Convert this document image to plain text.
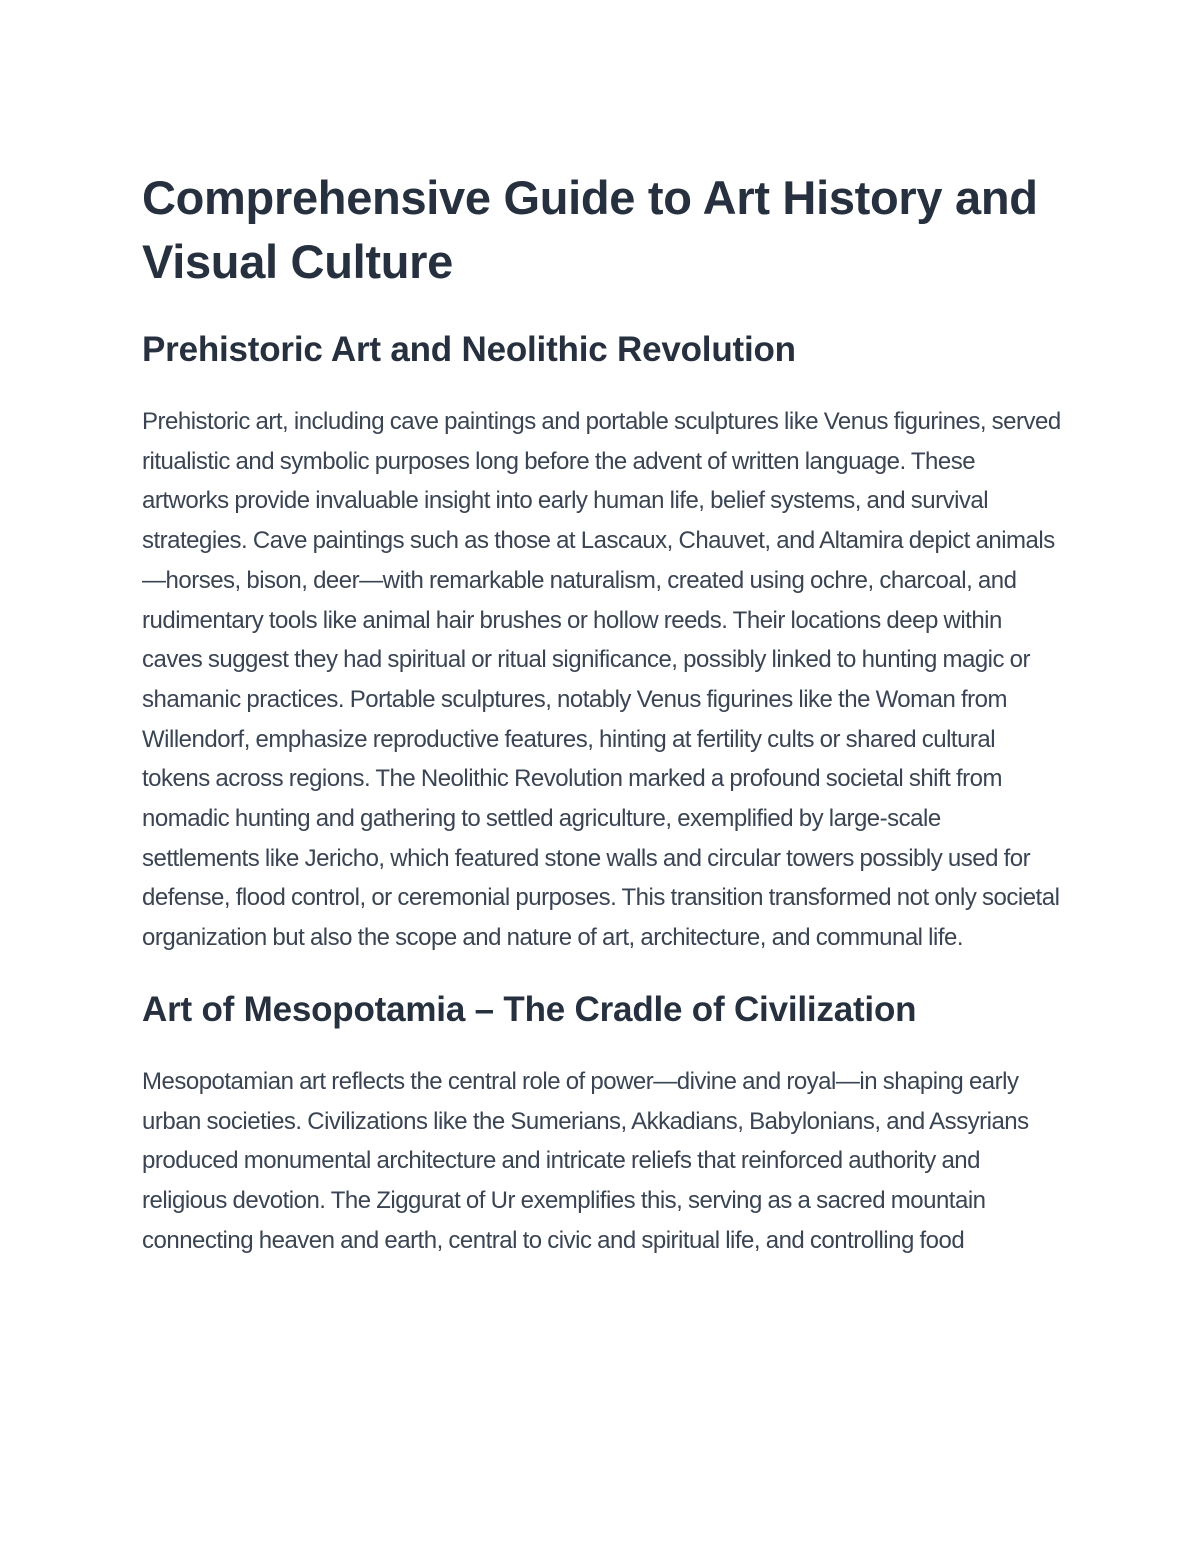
Comprehensive Guide to Art History and Visual Culture
Prehistoric Art and Neolithic Revolution

Prehistoric art, including cave paintings and portable sculptures like Venus figurines, served ritualistic and symbolic purposes long before the advent of written language. These artworks provide invaluable insight into early human life, belief systems, and survival strategies. Cave paintings such as those at Lascaux, Chauvet, and Altamira depict animals—horses, bison, deer—with remarkable naturalism, created using ochre, charcoal, and rudimentary tools like animal hair brushes or hollow reeds. Their locations deep within caves suggest they had spiritual or ritual significance, possibly linked to hunting magic or shamanic practices. Portable sculptures, notably Venus figurines like the Woman from Willendorf, emphasize reproductive features, hinting at fertility cults or shared cultural tokens across regions. The Neolithic Revolution marked a profound societal shift from nomadic hunting and gathering to settled agriculture, exemplified by large-scale settlements like Jericho, which featured stone walls and circular towers possibly used for defense, flood control, or ceremonial purposes. This transition transformed not only societal organization but also the scope and nature of art, architecture, and communal life.

Art of Mesopotamia – The Cradle of Civilization

Mesopotamian art reflects the central role of power—divine and royal—in shaping early urban societies. Civilizations like the Sumerians, Akkadians, Babylonians, and Assyrians produced monumental architecture and intricate reliefs that reinforced authority and religious devotion. The Ziggurat of Ur exemplifies this, serving as a sacred mountain connecting heaven and earth, central to civic and spiritual life, and controlling food
